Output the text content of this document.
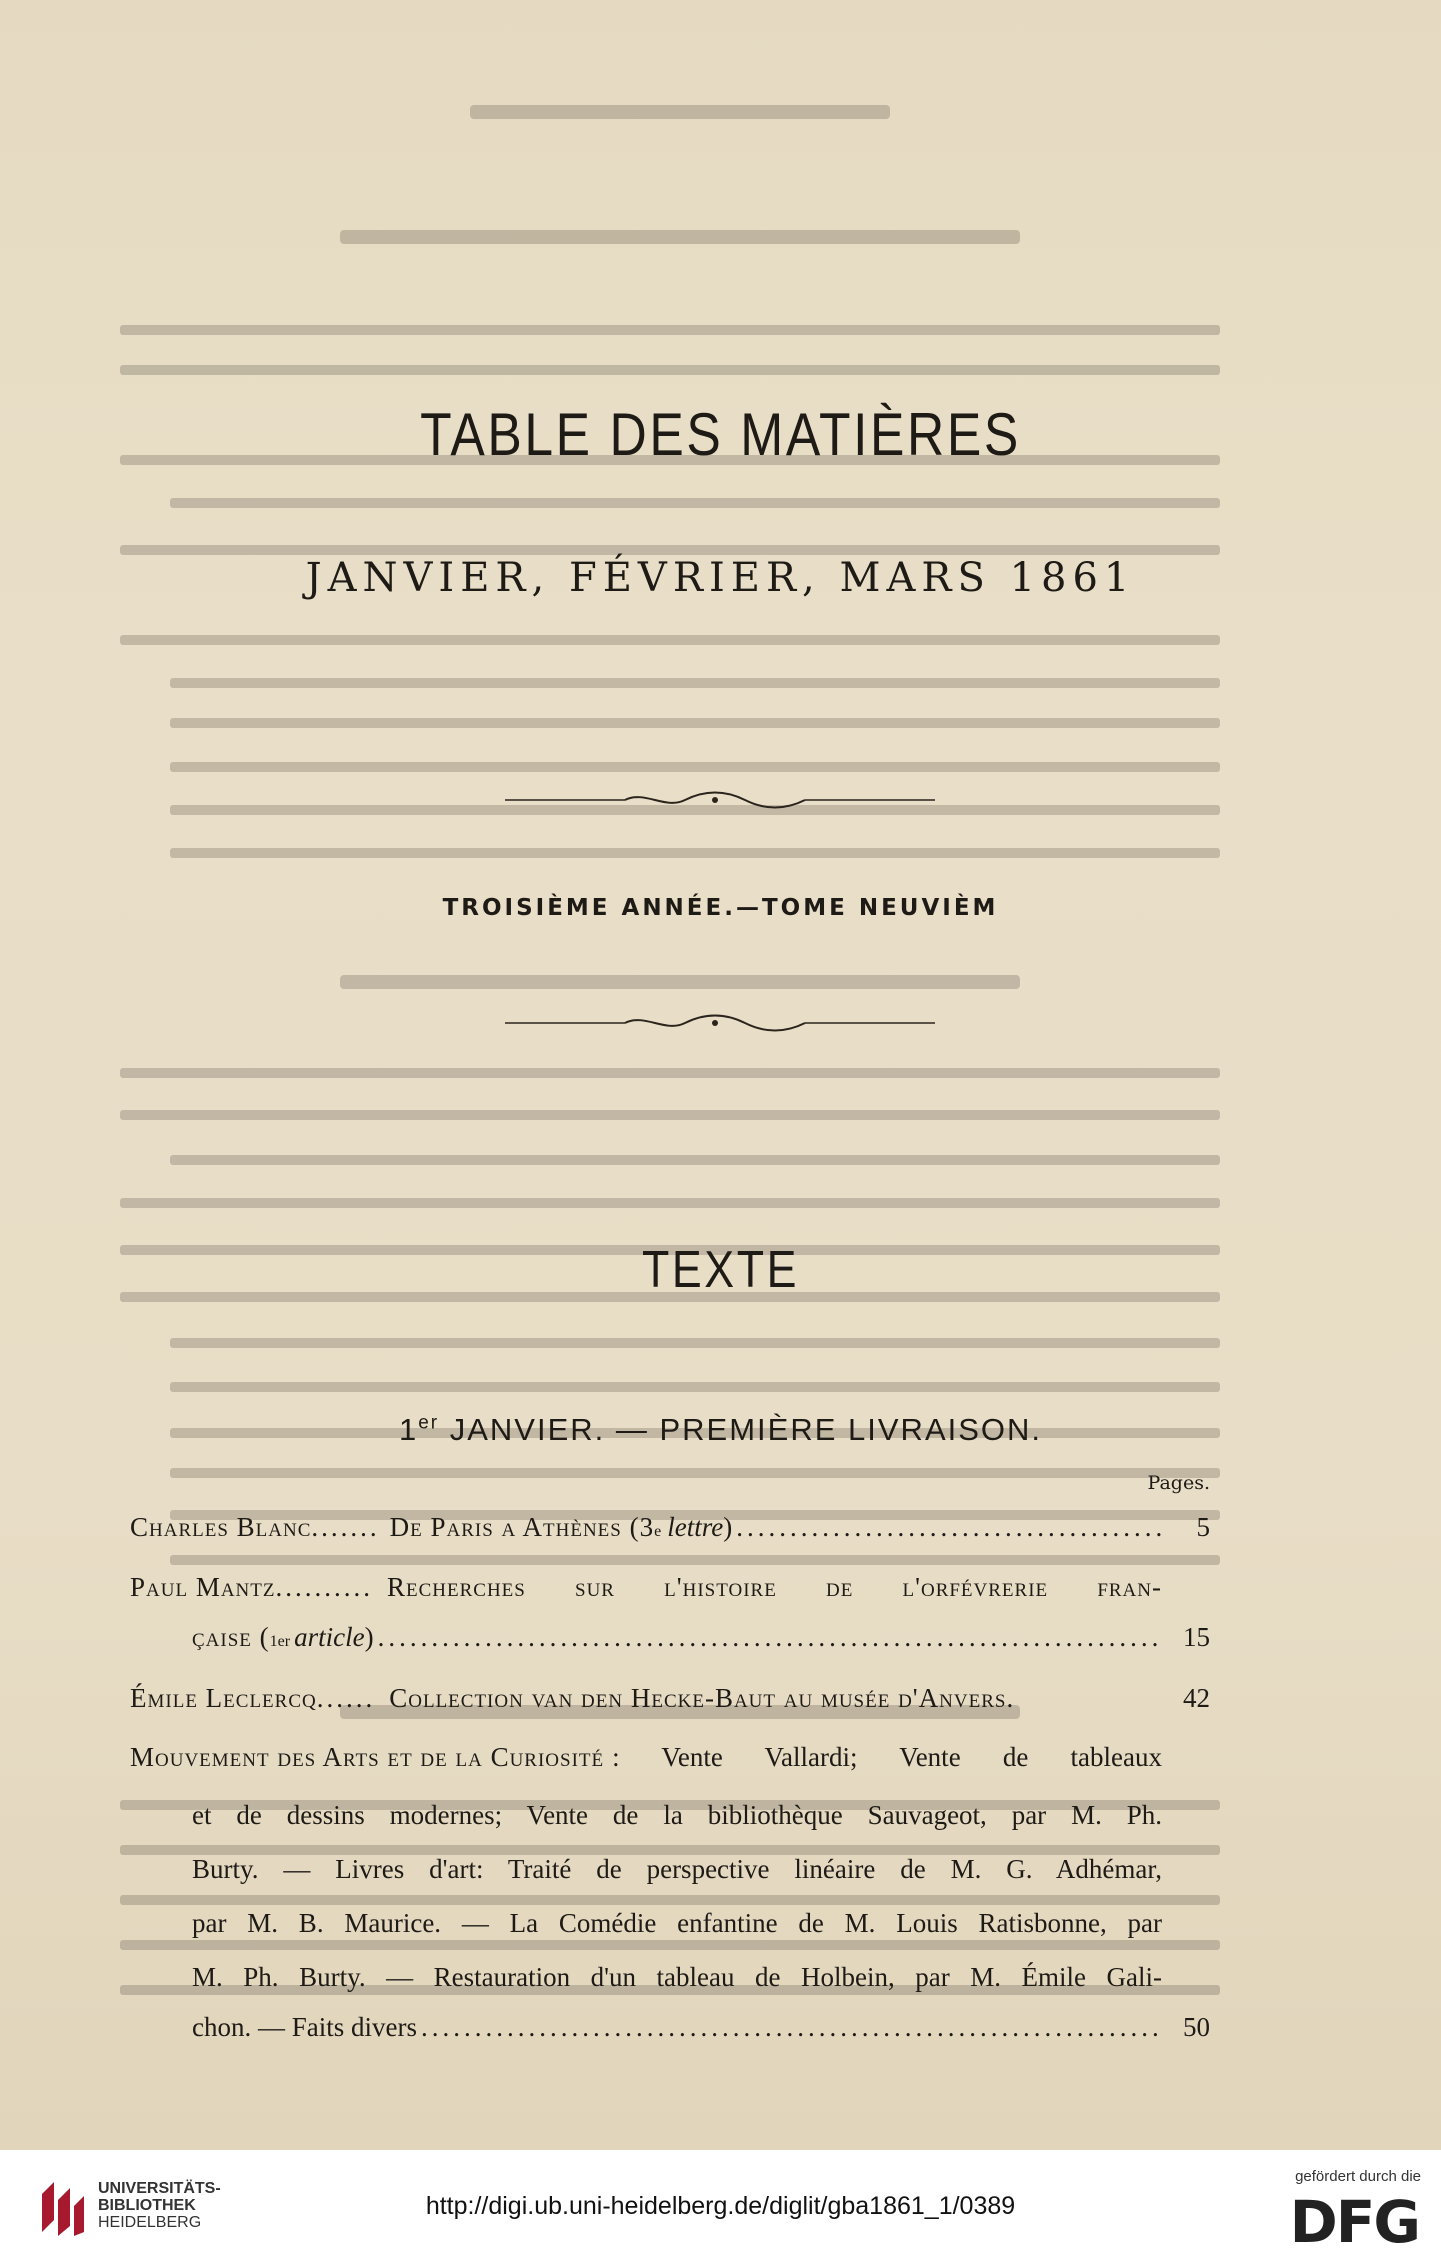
TABLE DES MATIÈRES
JANVIER, FÉVRIER, MARS 1861
TROISIÈME ANNÉE.—TOME NEUVIÈM
TEXTE
1er JANVIER. — PREMIÈRE LIVRAISON.
Pages.
Charles Blanc ....... De Paris a Athènes (3 e lettre ) .....	5
Paul Mantz .......... Recherches sur l'histoire de l'orfévrerie fran-
çaise ( 1er article ) .....	15
Émile Leclercq ...... Collection van den Hecke-Baut au musée d'Anvers.	42
Mouvement des Arts et de la Curiosité : Vente Vallardi; Vente de tableaux
et de dessins modernes; Vente de la bibliothèque Sauvageot, par M. Ph.
Burty. — Livres d'art: Traité de perspective linéaire de M. G. Adhémar,
par M. B. Maurice. — La Comédie enfantine de M. Louis Ratisbonne, par
M. Ph. Burty. — Restauration d'un tableau de Holbein, par M. Émile Gali-
chon. — Faits divers .....	50
UNIVERSITÄTS-
BIBLIOTHEK
HEIDELBERG
http://digi.ub.uni-heidelberg.de/diglit/gba1861_1/0389
gefördert durch die
DFG
